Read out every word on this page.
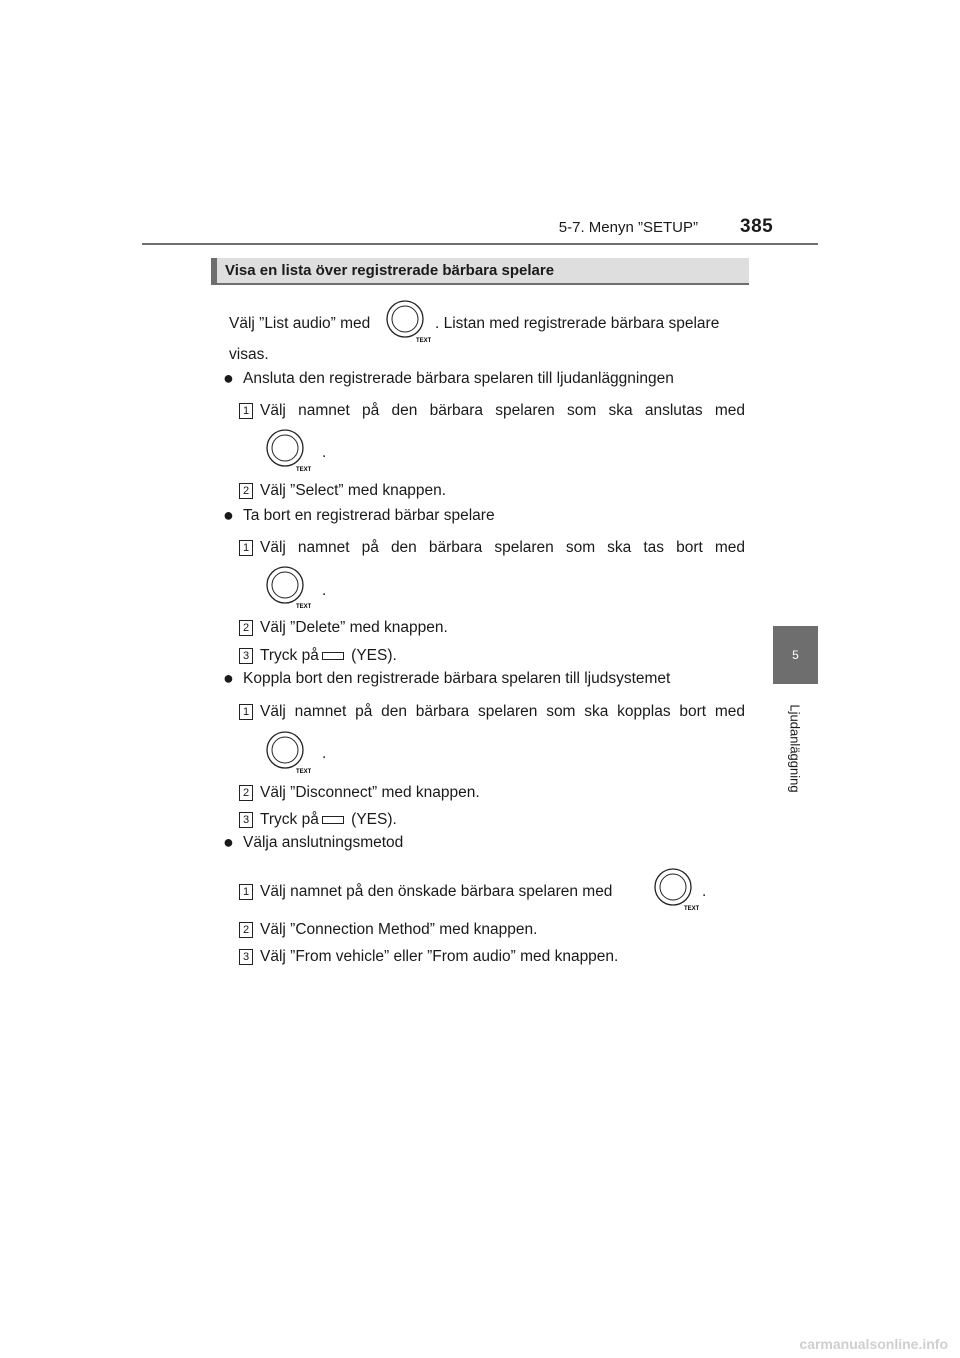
5-7. Menyn ”SETUP” 385
5
Ljudanläggning
Visa en lista över registrerade bärbara spelare
Välj ”List audio” med
TEXT
. Listan med registrerade bärbara spelare
visas.
● Ansluta den registrerade bärbara spelaren till ljudanläggningen
1 Välj namnet på den bärbara spelaren som ska anslutas med
TEXT
.
2 Välj ”Select” med knappen.
● Ta bort en registrerad bärbar spelare
1 Välj namnet på den bärbara spelaren som ska tas bort med
TEXT
.
2 Välj ”Delete” med knappen.
3 Tryck på (YES).
● Koppla bort den registrerade bärbara spelaren till ljudsystemet
1 Välj namnet på den bärbara spelaren som ska kopplas bort med
TEXT
.
2 Välj ”Disconnect” med knappen.
3 Tryck på (YES).
● Välja anslutningsmetod
1 Välj namnet på den önskade bärbara spelaren med
TEXT
.
2 Välj ”Connection Method” med knappen.
3 Välj ”From vehicle” eller ”From audio” med knappen.
carmanualsonline.info
